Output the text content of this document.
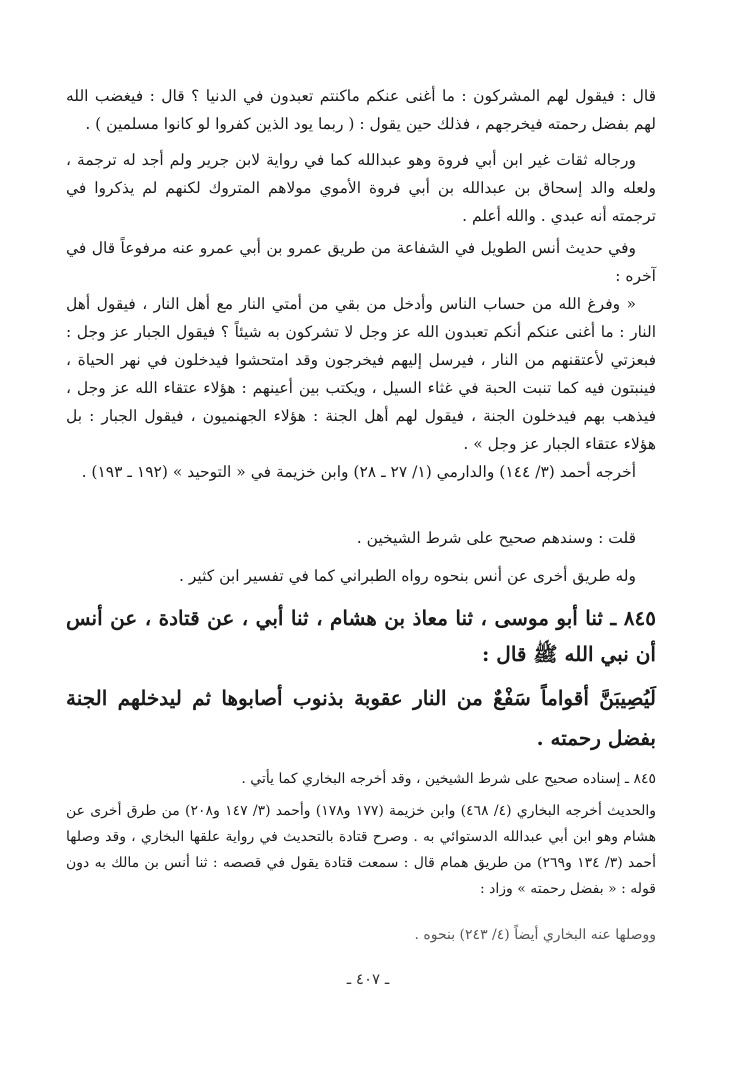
قال : فيقول لهم المشركون : ما أغنى عنكم ماكنتم تعبدون في الدنيا ؟ قال : فيغضب الله لهم بفضل رحمته فيخرجهم ، فذلك حين يقول : ( ربما يود الذين كفروا لو كانوا مسلمين ) .

ورجاله ثقات غير ابن أبي فروة وهو عبدالله كما في رواية لابن جرير ولم أجد له ترجمة ، ولعله والد إسحاق بن عبدالله بن أبي فروة الأموي مولاهم المتروك لكنهم لم يذكروا في ترجمته أنه عبدي . والله أعلم .

وفي حديث أنس الطويل في الشفاعة من طريق عمرو بن أبي عمرو عنه مرفوعاً قال في آخره :

« وفرغ الله من حساب الناس وأدخل من بقي من أمتي النار مع أهل النار ، فيقول أهل النار : ما أغنى عنكم أنكم تعبدون الله عز وجل لا تشركون به شيئاً ؟ فيقول الجبار عز وجل : فبعزتي لأعتقنهم من النار ، فيرسل إليهم فيخرجون وقد امتحشوا فيدخلون في نهر الحياة ، فينبتون فيه كما تنبت الحبة في غثاء السيل ، ويكتب بين أعينهم : هؤلاء عتقاء الله عز وجل ، فيذهب بهم فيدخلون الجنة ، فيقول لهم أهل الجنة : هؤلاء الجهنميون ، فيقول الجبار : بل هؤلاء عتقاء الجبار عز وجل » .

أخرجه أحمد (٣/ ١٤٤) والدارمي (١/ ٢٧ ـ ٢٨) وابن خزيمة في « التوحيد » (١٩٢ ـ ١٩٣) .

قلت : وسندهم صحيح على شرط الشيخين .

وله طريق أخرى عن أنس بنحوه رواه الطبراني كما في تفسير ابن كثير .

٨٤٥ ـ ثنا أبو موسى ، ثنا معاذ بن هشام ، ثنا أبي ، عن قتادة ، عن أنس أن نبي الله ﷺ قال :

لَيُصِيبَنَّ أقواماً سَفْعٌ من النار عقوبة بذنوب أصابوها ثم ليدخلهم الجنة بفضل رحمته .

٨٤٥ ـ إسناده صحيح على شرط الشيخين ، وقد أخرجه البخاري كما يأتي .

والحديث أخرجه البخاري (٤/ ٤٦٨) وابن خزيمة (١٧٧ و١٧٨) وأحمد (٣/ ١٤٧ و٢٠٨) من طرق أخرى عن هشام وهو ابن أبي عبدالله الدستوائي به . وصرح قتادة بالتحديث في رواية علقها البخاري ، وقد وصلها أحمد (٣/ ١٣٤ و٢٦٩) من طريق همام قال : سمعت قتادة يقول في قصصه : ثنا أنس بن مالك به دون قوله : « بفضل رحمته » وزاد :

ووصلها عنه البخاري أيضاً (٤/ ٢٤٣) بنحوه .

ـ ٤٠٧ ـ
